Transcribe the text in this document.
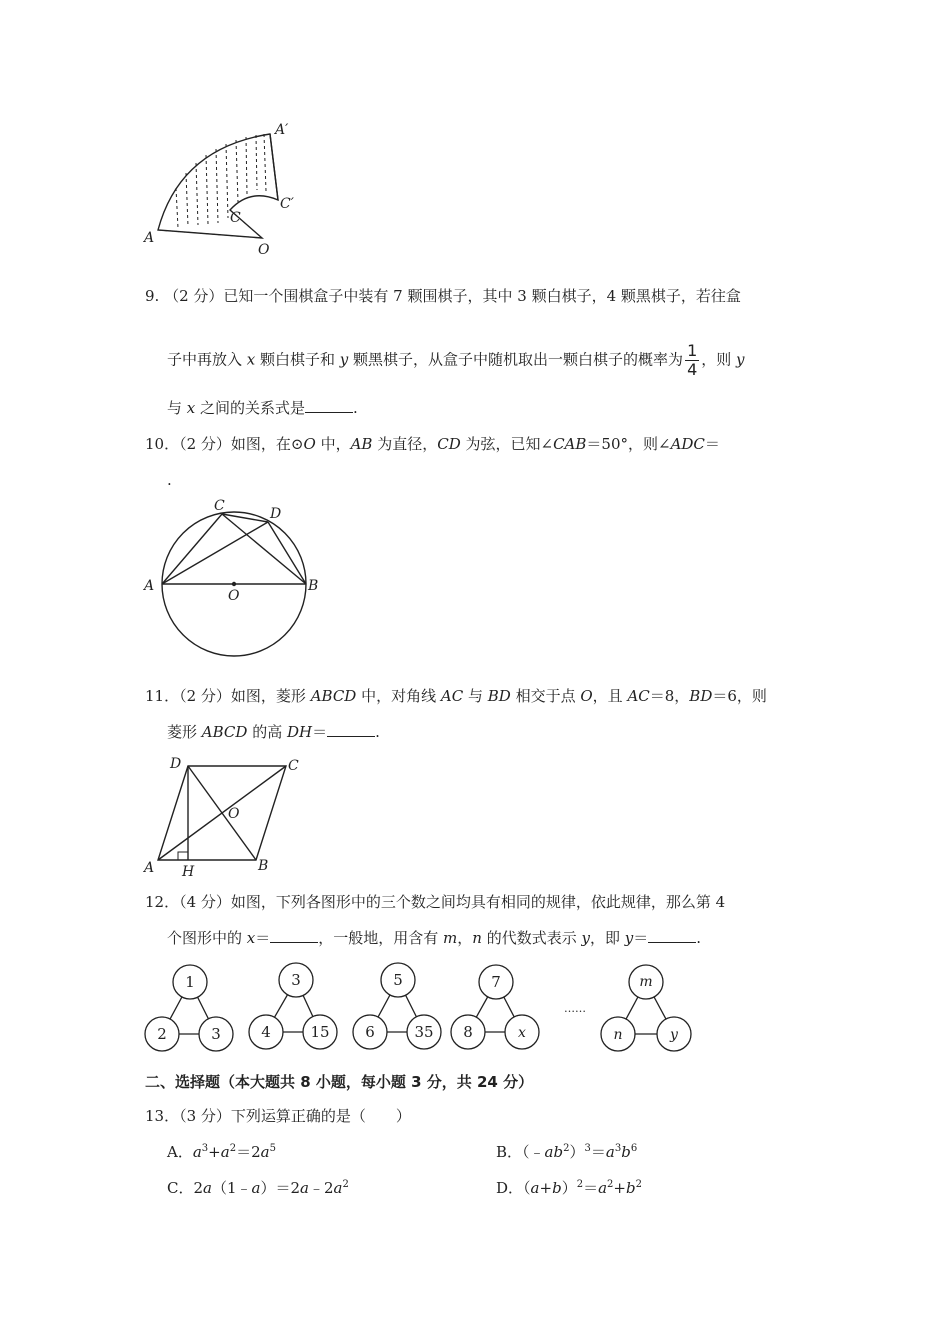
A
A′
C
C′
O
9. （2 分）已知一个围棋盒子中装有 7 颗围棋子，其中 3 颗白棋子，4 颗黑棋子，若往盒
子中再放入 x 颗白棋子和 y 颗黑棋子，从盒子中随机取出一颗白棋子的概率为 $\frac{1}{4}$ ，则 y
与 x 之间的关系式是	.
10．（2 分）如图，在⊙O 中，AB 为直径，CD 为弦，已知∠CAB＝50°，则∠ADC＝
.
A	B
C	D
O
11．（2 分）如图，菱形 ABCD 中，对角线 AC 与 BD 相交于点 O，且 AC＝8，BD＝6，则
菱形 ABCD 的高 DH＝	.
A	B
C
D
O
H
12．（4 分）如图，下列各图形中的三个数之间均具有相同的规律，依此规律，那么第 4
个图形中的 x＝	，一般地，用含有 m，n 的代数式表示 y，即 y＝	.
1
2	3
3
4	15
5
6	35
7
8	x
……
m
n	y
二、选择题（本大题共 8 小题，每小题 3 分，共 24 分）
13．（3 分）下列运算正确的是（　　）
A．$a^3+a^2=2a^5$	B．$(﹣ab^2)^3=a^3b^6$
C．$2a(1﹣a)=2a﹣2a^2$	D．$(a+b)^2=a^2+b^2$
